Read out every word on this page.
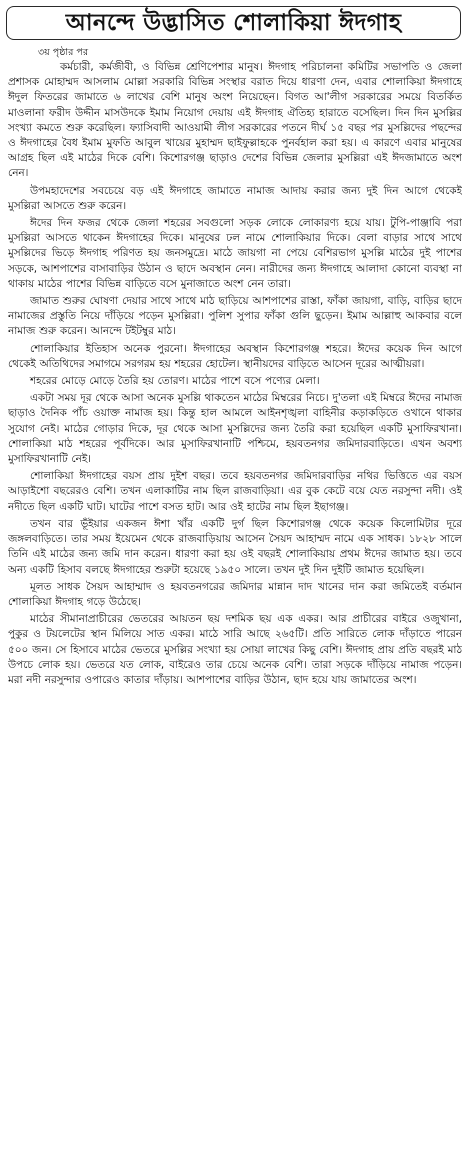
আনন্দে উদ্ভাসিত শোলাকিয়া ঈদগাহ
৩য় পৃষ্ঠার পর

কর্মচারী, কর্মজীবী, ও বিভিন্ন শ্রেণিপেশার মানুষ। ঈদগাহ পরিচালনা কমিটির সভাপতি ও জেলা প্রশাসক মোহাম্মদ আসলাম মোল্লা সরকারি বিভিন্ন সংস্থার বরাত দিয়ে ধারণা দেন, এবার শোলাকিয়া ঈদগাহে ঈদুল ফিতরের জামাতে ৬ লাখের বেশি মানুষ অংশ নিয়েছেন। বিগত আ'লীগ সরকারের সময়ে বিতর্কিত মাওলানা ফরীদ উদ্দীন মাসউদকে ইমাম নিয়োগ দেয়ায় এই ঈদগাহ ঐতিহ্য হারাতে বসেছিল। দিন দিন মুসল্লির সংখ্যা কমতে শুরু করেছিল। ফ্যাসিবাদী আওয়ামী লীগ সরকারের পতনে দীর্ঘ ১৫ বছর পর মুসল্লিদের পছন্দের ও ঈদগাহের বৈধ ইমাম মুফতি আবুল খায়ের মুহাম্মদ ছাইফুল্লাহকে পুনর্বহাল করা হয়। এ কারণে এবার মানুষের আগ্রহ ছিল এই মাঠের দিকে বেশি। কিশোরগঞ্জ ছাড়াও দেশের বিভিন্ন জেলার মুসল্লিরা এই ঈদজামাতে অংশ নেন।

উপমহাদেশের সবচেয়ে বড় এই ঈদগাহে জামাতে নামাজ আদায় করার জন্য দুই দিন আগে থেকেই মুসল্লিরা আসতে শুরু করেন।

ঈদের দিন ফজর থেকে জেলা শহরের সবগুলো সড়ক লোকে লোকারণ্য হয়ে যায়। টুপি-পাঞ্জাবি পরা মুসল্লিরা আসতে থাকেন ঈদগাহের দিকে। মানুষের ঢল নামে শোলাকিয়ার দিকে। বেলা বাড়ার সাথে সাথে মুসল্লিদের ভিড়ে ঈদগাহ পরিণত হয় জনসমুদ্রে। মাঠে জায়গা না পেয়ে বেশিরভাগ মুসল্লি মাঠের দুই পাশের সড়কে, আশপাশের বাসাবাড়ির উঠান ও ছাদে অবস্থান নেন। নারীদের জন্য ঈদগাহে আলাদা কোনো ব্যবস্থা না থাকায় মাঠের পাশের বিভিন্ন বাড়িতে বসে মুনাজাতে অংশ নেন তারা।

জামাত শুরুর ঘোষণা দেয়ার সাথে সাথে মাঠ ছাড়িয়ে আশপাশের রাস্তা, ফাঁকা জায়গা, বাড়ি, বাড়ির ছাদে নামাজের প্রস্তুতি নিয়ে দাঁড়িয়ে পড়েন মুসল্লিরা। পুলিশ সুপার ফাঁকা গুলি ছুড়েন। ইমাম আল্লাহু আকবার বলে নামাজ শুরু করেন। আনন্দে টইটম্বুর মাঠ।

শোলাকিয়ার ইতিহাস অনেক পুরনো। ঈদগাহের অবস্থান কিশোরগঞ্জ শহরে। ঈদের কয়েক দিন আগে থেকেই অতিথিদের সমাগমে সরগরম হয় শহরের হোটেল। স্থানীয়দের বাড়িতে আসেন দূরের আত্মীয়রা।

শহরের মোড়ে মোড়ে তৈরি হয় তোরণ। মাঠের পাশে বসে পণ্যের মেলা।

একটা সময় দূর থেকে আসা অনেক মুসল্লি থাকতেন মাঠের মিম্বরের নিচে। দু'তলা এই মিম্বরে ঈদের নামাজ ছাড়াও দৈনিক পাঁচ ওয়াক্ত নামাজ হয়। কিন্তু হাল আমলে আইনশৃঙ্খলা বাহিনীর কড়াকড়িতে ওখানে থাকার সুযোগ নেই। মাঠের গোড়ার দিকে, দূর থেকে আসা মুসল্লিদের জন্য তৈরি করা হয়েছিল একটি মুসাফিরখানা। শোলাকিয়া মাঠ শহরের পূর্বদিকে। আর মুসাফিরখানাটি পশ্চিমে, হয়বতনগর জমিদারবাড়িতে। এখন অবশ্য মুসাফিরখানাটি নেই।

শোলাকিয়া ঈদগাহের বয়স প্রায় দুইশ বছর। তবে হয়বতনগর জমিদারবাড়ির নথির ভিত্তিতে এর বয়স আড়াইশো বছরেরও বেশি। তখন এলাকাটির নাম ছিল রাজবাড়িয়া। এর বুক কেটে বয়ে যেত নরসুন্দা নদী। ওই নদীতে ছিল একটি ঘাট। ঘাটের পাশে বসত হাট। আর ওই হাটের নাম ছিল ইছাগঞ্জ।

তখন বার ভূঁইয়ার একজন ঈশা খাঁর একটি দুর্গ ছিল কিশোরগঞ্জ থেকে কয়েক কিলোমিটার দূরে জঙ্গলবাড়িতে। তার সময় ইয়েমেন থেকে রাজবাড়িয়ায় আসেন সৈয়দ আহাম্মদ নামে এক সাধক। ১৮২৮ সালে তিনি এই মাঠের জন্য জমি দান করেন। ধারণা করা হয় ওই বছরই শোলাকিয়ায় প্রথম ঈদের জামাত হয়। তবে অন্য একটি হিসাব বলছে ঈদগাহের শুরুটা হয়েছে ১৯৫০ সালে। তখন দুই দিন দুইটি জামাত হয়েছিল।

মূলত সাধক সৈয়দ আহাম্মাদ ও হয়বতনগরের জমিদার মান্নান দাদ খানের দান করা জমিতেই বর্তমান শোলাকিয়া ঈদগাহ গড়ে উঠেছে।

মাঠের সীমানাপ্রাচীরের ভেতরের আয়তন ছয় দশমিক ছয় এক একর। আর প্রাচীরের বাইরে ওজুখানা, পুকুর ও টয়লেটের স্থান মিলিয়ে সাত একর। মাঠে সারি আছে ২৬৫টি। প্রতি সারিতে লোক দাঁড়াতে পারেন ৫০০ জন। সে হিসাবে মাঠের ভেতরে মুসল্লির সংখ্যা হয় সোয়া লাখের কিছু বেশি। ঈদগাহ প্রায় প্রতি বছরই মাঠ উপচে লোক হয়। ভেতরে যত লোক, বাইরেও তার চেয়ে অনেক বেশি। তারা সড়কে দাঁড়িয়ে নামাজ পড়েন। মরা নদী নরসুন্দার ওপারেও কাতার দাঁড়ায়। আশপাশের বাড়ির উঠান, ছাদ হয়ে যায় জামাতের অংশ।
